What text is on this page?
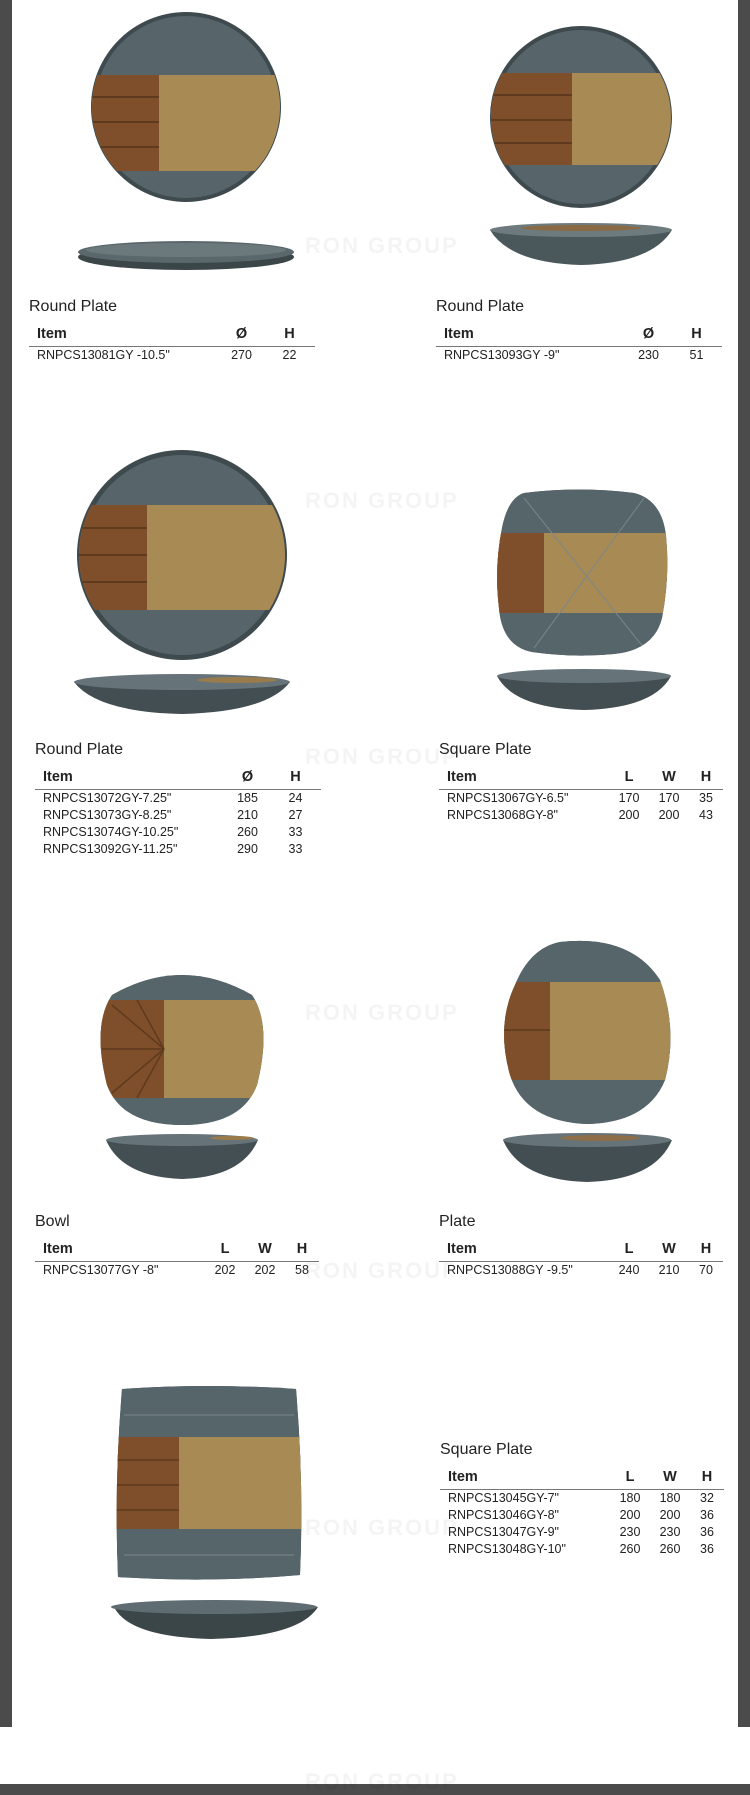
Round Plate
Item	Ø	H
RNPCS13081GY -10.5"	270	22
Round Plate
Item	Ø	H
RNPCS13093GY -9"	230	51
Round Plate
Item	Ø	H
RNPCS13072GY-7.25"	185	24
RNPCS13073GY-8.25"	210	27
RNPCS13074GY-10.25"	260	33
RNPCS13092GY-11.25"	290	33
Square Plate
Item	L	W	H
RNPCS13067GY-6.5"	170	170	35
RNPCS13068GY-8"	200	200	43
Bowl
Item	L	W	H
RNPCS13077GY -8"	202	202	58
Plate
Item	L	W	H
RNPCS13088GY -9.5"	240	210	70
Square Plate
Item	L	W	H
RNPCS13045GY-7"	180	180	32
RNPCS13046GY-8"	200	200	36
RNPCS13047GY-9"	230	230	36
RNPCS13048GY-10"	260	260	36
